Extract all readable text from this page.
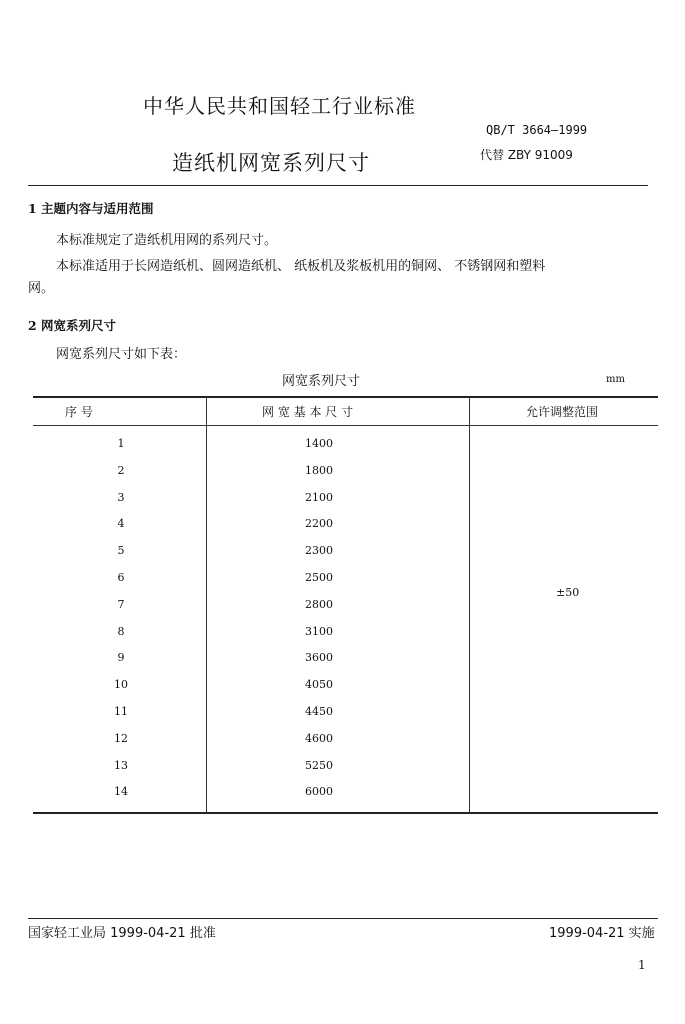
中华人民共和国轻工行业标准
QB/T 3664—1999
代替 ZBY 91009
造纸机网宽系列尺寸
1 主题内容与适用范围
本标准规定了造纸机用网的系列尺寸。
本标准适用于长网造纸机、圆网造纸机、 纸板机及浆板机用的铜网、 不锈钢网和塑料
网。
2 网宽系列尺寸
网宽系列尺寸如下表：
网宽系列尺寸	mm
序 号	网 宽 基 本 尺 寸	允许调整范围
1	1400
2	1800
3	2100
4	2200
5	2300
6	2500
7	2800
8	3100
9	3600
10	4050
11	4450
12	4600
13	5250
14	6000
±50
国家轻工业局 1999-04-21 批准	1999-04-21 实施
1
